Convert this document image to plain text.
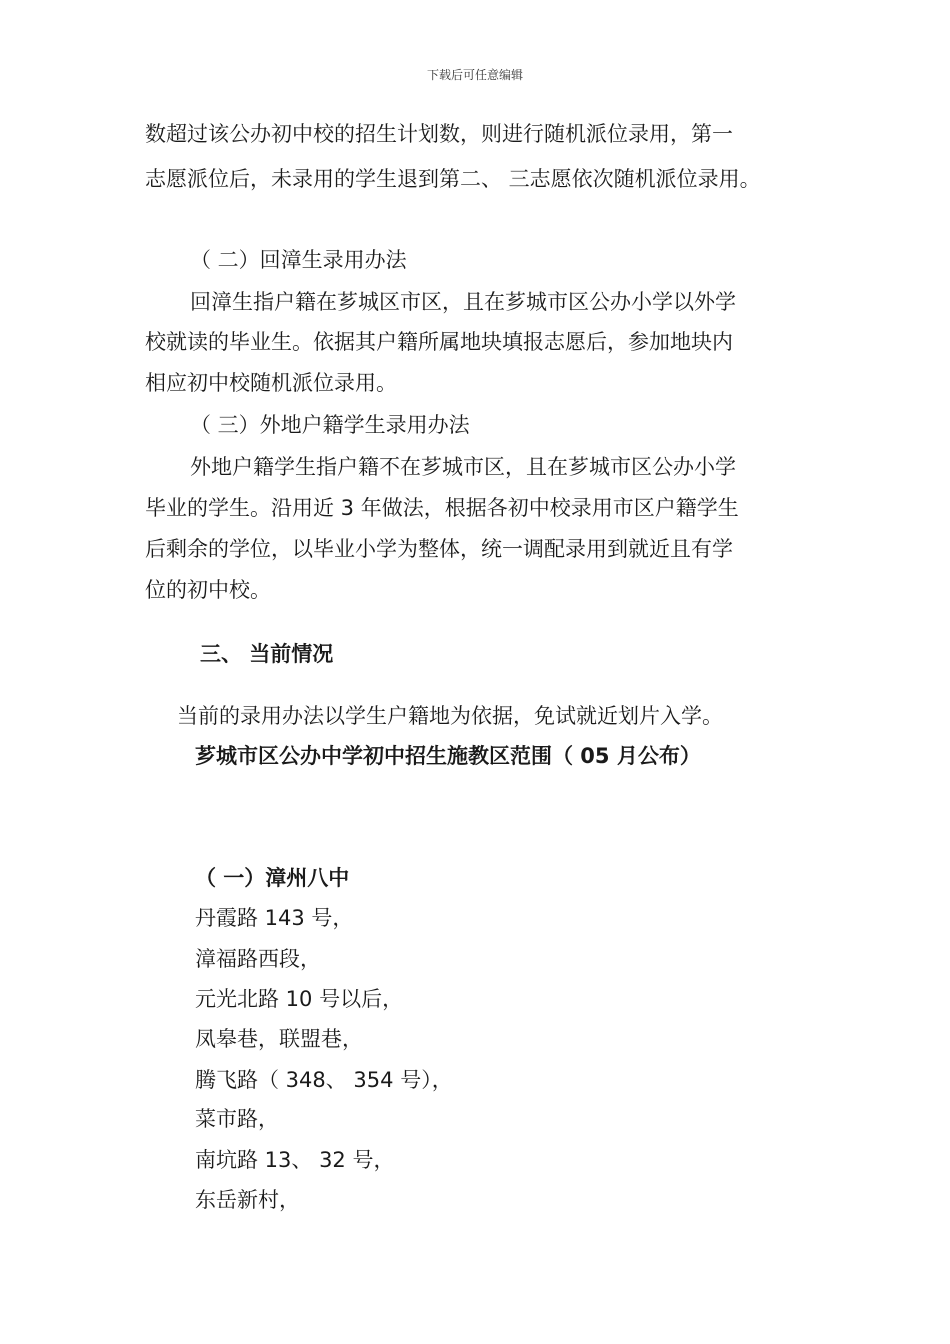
下载后可任意编辑
数超过该公办初中校的招生计划数，则进行随机派位录用，第一
志愿派位后，未录用的学生退到第二、 三志愿依次随机派位录用。
（ 二）回漳生录用办法
回漳生指户籍在芗城区市区，且在芗城市区公办小学以外学
校就读的毕业生。依据其户籍所属地块填报志愿后，参加地块内
相应初中校随机派位录用。
（ 三）外地户籍学生录用办法
外地户籍学生指户籍不在芗城市区，且在芗城市区公办小学
毕业的学生。沿用近 3 年做法，根据各初中校录用市区户籍学生
后剩余的学位，以毕业小学为整体，统一调配录用到就近且有学
位的初中校。
三、 当前情况
当前的录用办法以学生户籍地为依据，免试就近划片入学。
芗城市区公办中学初中招生施教区范围（ 05 月公布）
（ 一）漳州八中
丹霞路 143 号，
漳福路西段，
元光北路 10 号以后，
凤皋巷，联盟巷，
腾飞路（ 348、 354 号），
菜市路，
南坑路 13、 32 号，
东岳新村，
